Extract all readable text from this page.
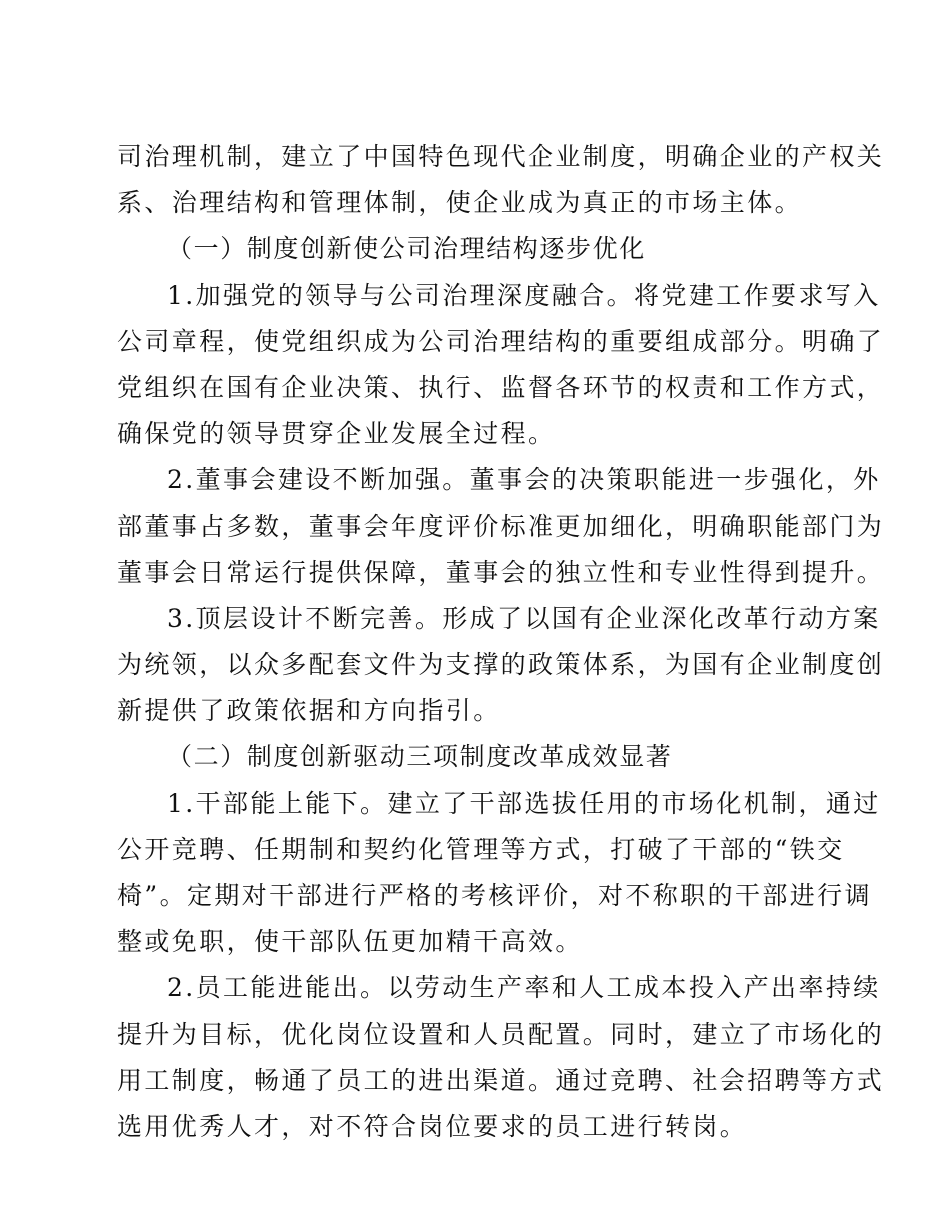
司治理机制，建立了中国特色现代企业制度，明确企业的产权关
系、治理结构和管理体制，使企业成为真正的市场主体。
（一）制度创新使公司治理结构逐步优化
1.加强党的领导与公司治理深度融合。将党建工作要求写入
公司章程，使党组织成为公司治理结构的重要组成部分。明确了
党组织在国有企业决策、执行、监督各环节的权责和工作方式，
确保党的领导贯穿企业发展全过程。
2.董事会建设不断加强。董事会的决策职能进一步强化，外
部董事占多数，董事会年度评价标准更加细化，明确职能部门为
董事会日常运行提供保障，董事会的独立性和专业性得到提升。
3.顶层设计不断完善。形成了以国有企业深化改革行动方案
为统领，以众多配套文件为支撑的政策体系，为国有企业制度创
新提供了政策依据和方向指引。
（二）制度创新驱动三项制度改革成效显著
1.干部能上能下。建立了干部选拔任用的市场化机制，通过
公开竞聘、任期制和契约化管理等方式，打破了干部的“铁交
椅”。定期对干部进行严格的考核评价，对不称职的干部进行调
整或免职，使干部队伍更加精干高效。
2.员工能进能出。以劳动生产率和人工成本投入产出率持续
提升为目标，优化岗位设置和人员配置。同时，建立了市场化的
用工制度，畅通了员工的进出渠道。通过竞聘、社会招聘等方式
选用优秀人才，对不符合岗位要求的员工进行转岗。
